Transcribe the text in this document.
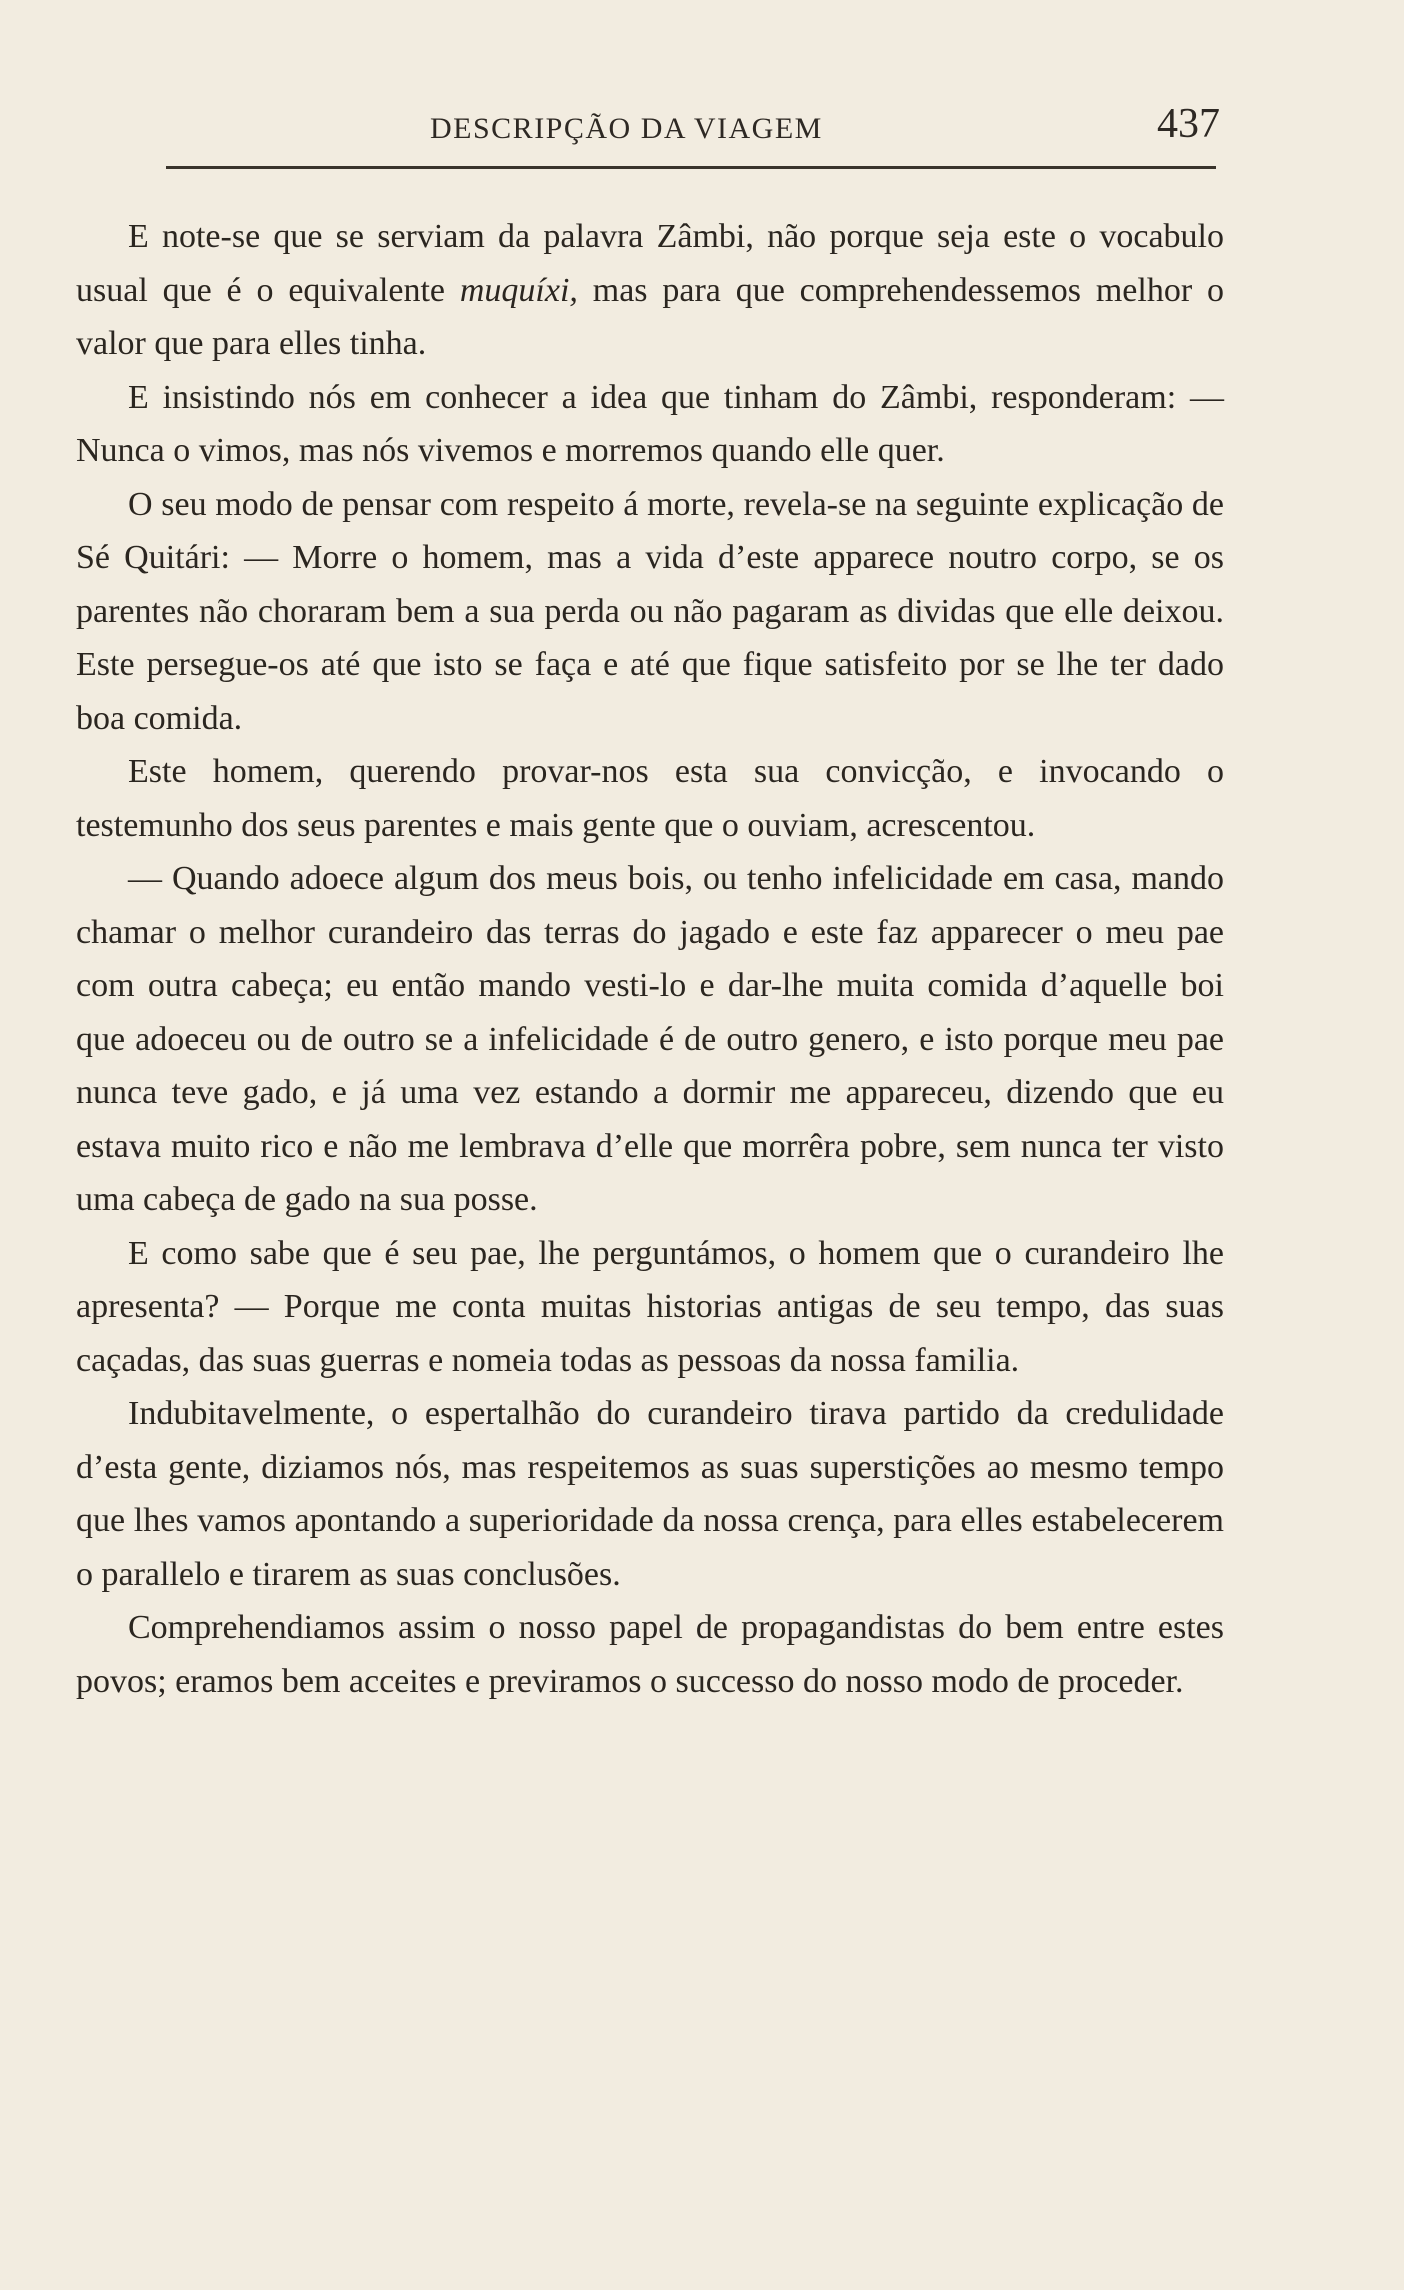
DESCRIPÇÃO DA VIAGEM	437

E note-se que se serviam da palavra Zâmbi, não porque seja este o vocabulo usual que é o equivalente muquíxi, mas para que comprehendessemos melhor o valor que para elles tinha.

E insistindo nós em conhecer a idea que tinham do Zâmbi, responderam: — Nunca o vimos, mas nós vivemos e morremos quando elle quer.

O seu modo de pensar com respeito á morte, revela-se na seguinte explicação de Sé Quitári: — Morre o homem, mas a vida d’este apparece noutro corpo, se os parentes não choraram bem a sua perda ou não pagaram as dividas que elle deixou. Este persegue-os até que isto se faça e até que fique satisfeito por se lhe ter dado boa comida.

Este homem, querendo provar-nos esta sua convicção, e invocando o testemunho dos seus parentes e mais gente que o ouviam, acrescentou.

— Quando adoece algum dos meus bois, ou tenho infelicidade em casa, mando chamar o melhor curandeiro das terras do jagado e este faz apparecer o meu pae com outra cabeça; eu então mando vesti-lo e dar-lhe muita comida d’aquelle boi que adoeceu ou de outro se a infelicidade é de outro genero, e isto porque meu pae nunca teve gado, e já uma vez estando a dormir me appareceu, dizendo que eu estava muito rico e não me lembrava d’elle que morrêra pobre, sem nunca ter visto uma cabeça de gado na sua posse.

E como sabe que é seu pae, lhe perguntámos, o homem que o curandeiro lhe apresenta? — Porque me conta muitas historias antigas de seu tempo, das suas caçadas, das suas guerras e nomeia todas as pessoas da nossa familia.

Indubitavelmente, o espertalhão do curandeiro tirava partido da credulidade d’esta gente, diziamos nós, mas respeitemos as suas superstições ao mesmo tempo que lhes vamos apontando a superioridade da nossa crença, para elles estabelecerem o parallelo e tirarem as suas conclusões.

Comprehendiamos assim o nosso papel de propagandistas do bem entre estes povos; eramos bem acceites e previramos o successo do nosso modo de proceder.
